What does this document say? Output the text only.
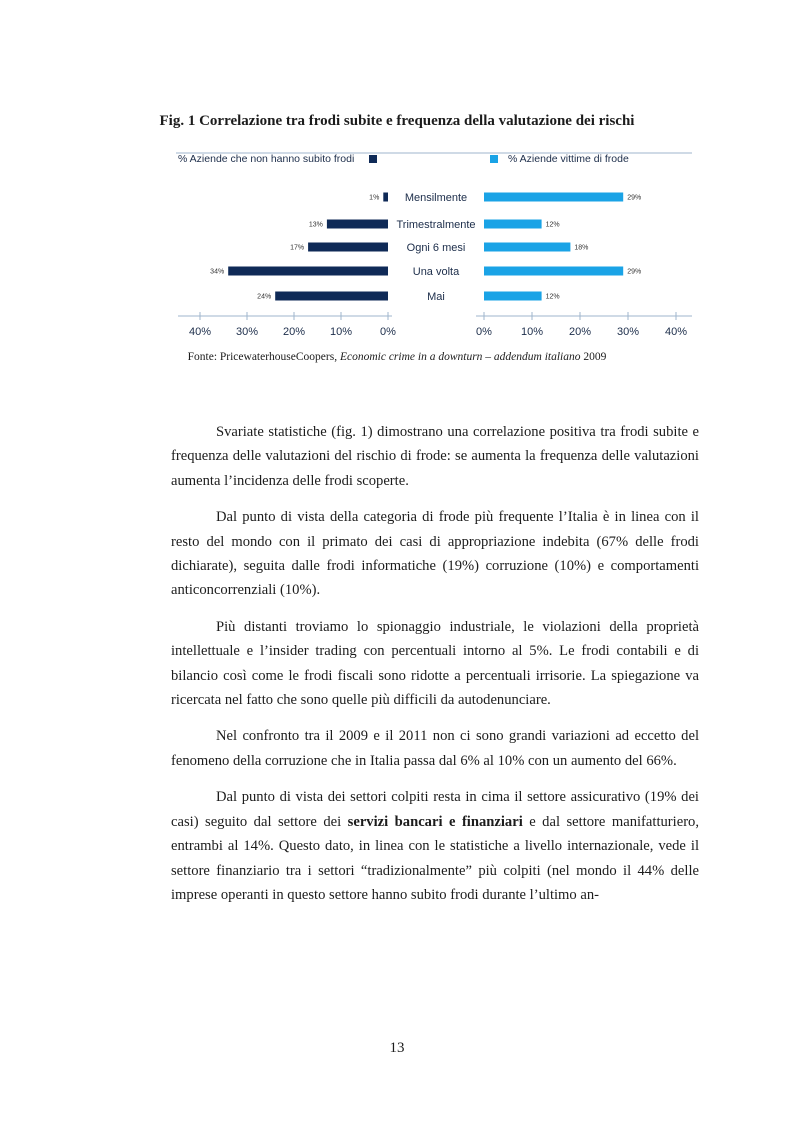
Fig. 1 Correlazione tra frodi subite e frequenza della valutazione dei rischi
% Aziende che non hanno subito frodi	% Aziende vittime di frode
1%	29%
Mensilmente
13%	12%
Trimestralmente
17%	18%
Ogni 6 mesi
34%	29%
Una volta
24%	12%
Mai
40% 30% 20% 10%	0%	0%	10% 20% 30% 40%
Fonte: PricewaterhouseCoopers, Economic crime in a downturn – addendum italiano 2009

Svariate statistiche (fig. 1) dimostrano una correlazione positiva tra frodi subite e frequenza delle valutazioni del rischio di frode: se aumenta la frequenza delle valutazioni aumenta l’incidenza delle frodi scoperte.

Dal punto di vista della categoria di frode più frequente l’Italia è in linea con il resto del mondo con il primato dei casi di appropriazione indebita (67% delle frodi dichiarate), seguita dalle frodi informatiche (19%) corruzione (10%) e comportamenti anticoncorrenziali (10%).

Più distanti troviamo lo spionaggio industriale, le violazioni della proprietà intellettuale e l’insider trading con percentuali intorno al 5%. Le frodi contabili e di bilancio così come le frodi fiscali sono ridotte a percentuali irrisorie. La spiegazione va ricercata nel fatto che sono quelle più difficili da autodenunciare.

Nel confronto tra il 2009 e il 2011 non ci sono grandi variazioni ad eccetto del fenomeno della corruzione che in Italia passa dal 6% al 10% con un aumento del 66%.

Dal punto di vista dei settori colpiti resta in cima il settore assicurativo (19% dei casi) seguito dal settore dei servizi bancari e finanziari e dal settore manifatturiero, entrambi al 14%. Questo dato, in linea con le statistiche a livello internazionale, vede il settore finanziario tra i settori “tradizionalmente” più colpiti (nel mondo il 44% delle imprese operanti in questo settore hanno subito frodi durante l’ultimo an-

13
